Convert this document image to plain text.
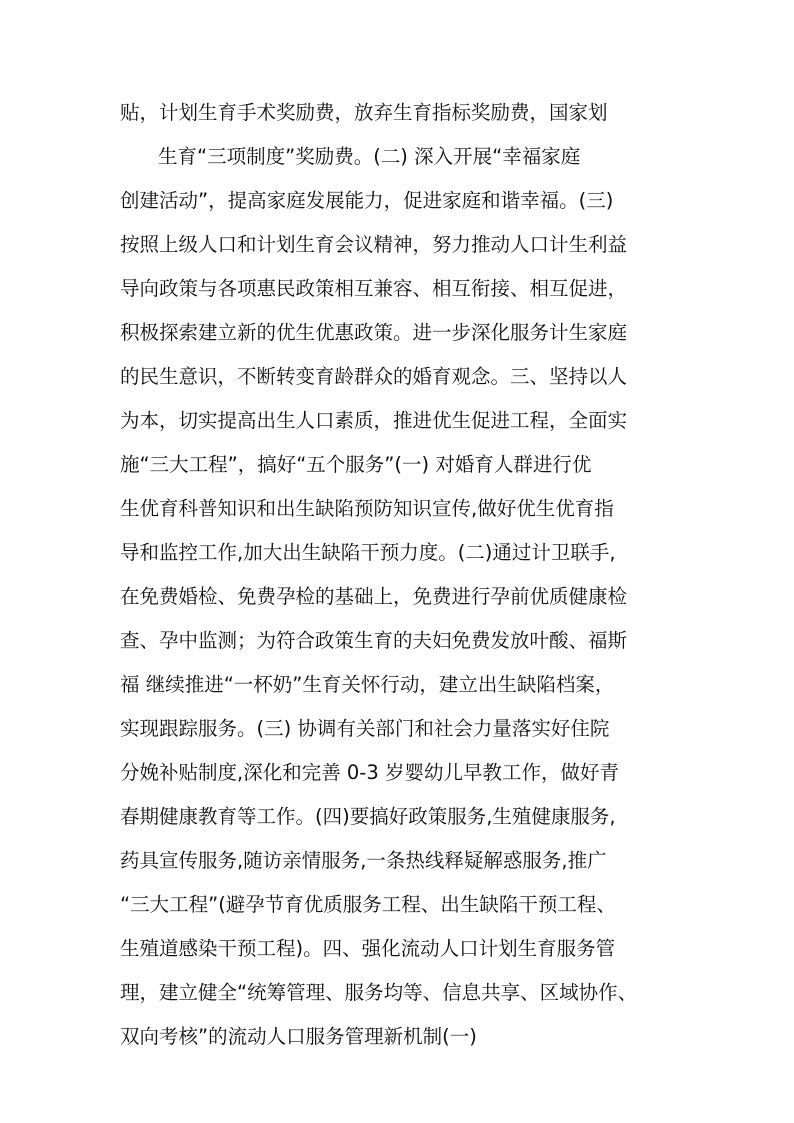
贴，计划生育手术奖励费，放弃生育指标奖励费，国家划
生育“三项制度”奖励费。(二) 深入开展“幸福家庭
创建活动”，提高家庭发展能力，促进家庭和谐幸福。(三)
按照上级人口和计划生育会议精神，努力推动人口计生利益
导向政策与各项惠民政策相互兼容、相互衔接、相互促进，
积极探索建立新的优生优惠政策。进一步深化服务计生家庭
的民生意识，不断转变育龄群众的婚育观念。三、坚持以人
为本，切实提高出生人口素质，推进优生促进工程，全面实
施“三大工程”，搞好“五个服务”(一) 对婚育人群进行优
生优育科普知识和出生缺陷预防知识宣传,做好优生优育指
导和监控工作,加大出生缺陷干预力度。(二)通过计卫联手,
在免费婚检、免费孕检的基础上，免费进行孕前优质健康检
查、孕中监测；为符合政策生育的夫妇免费发放叶酸、福斯
福 继续推进“一杯奶”生育关怀行动，建立出生缺陷档案，
实现跟踪服务。(三) 协调有关部门和社会力量落实好住院
分娩补贴制度,深化和完善 0-3 岁婴幼儿早教工作，做好青
春期健康教育等工作。(四)要搞好政策服务,生殖健康服务,
药具宣传服务,随访亲情服务,一条热线释疑解惑服务,推广
“三大工程”(避孕节育优质服务工程、出生缺陷干预工程、
生殖道感染干预工程)。四、强化流动人口计划生育服务管
理，建立健全“统筹管理、服务均等、信息共享、区域协作、
双向考核”的流动人口服务管理新机制(一)
